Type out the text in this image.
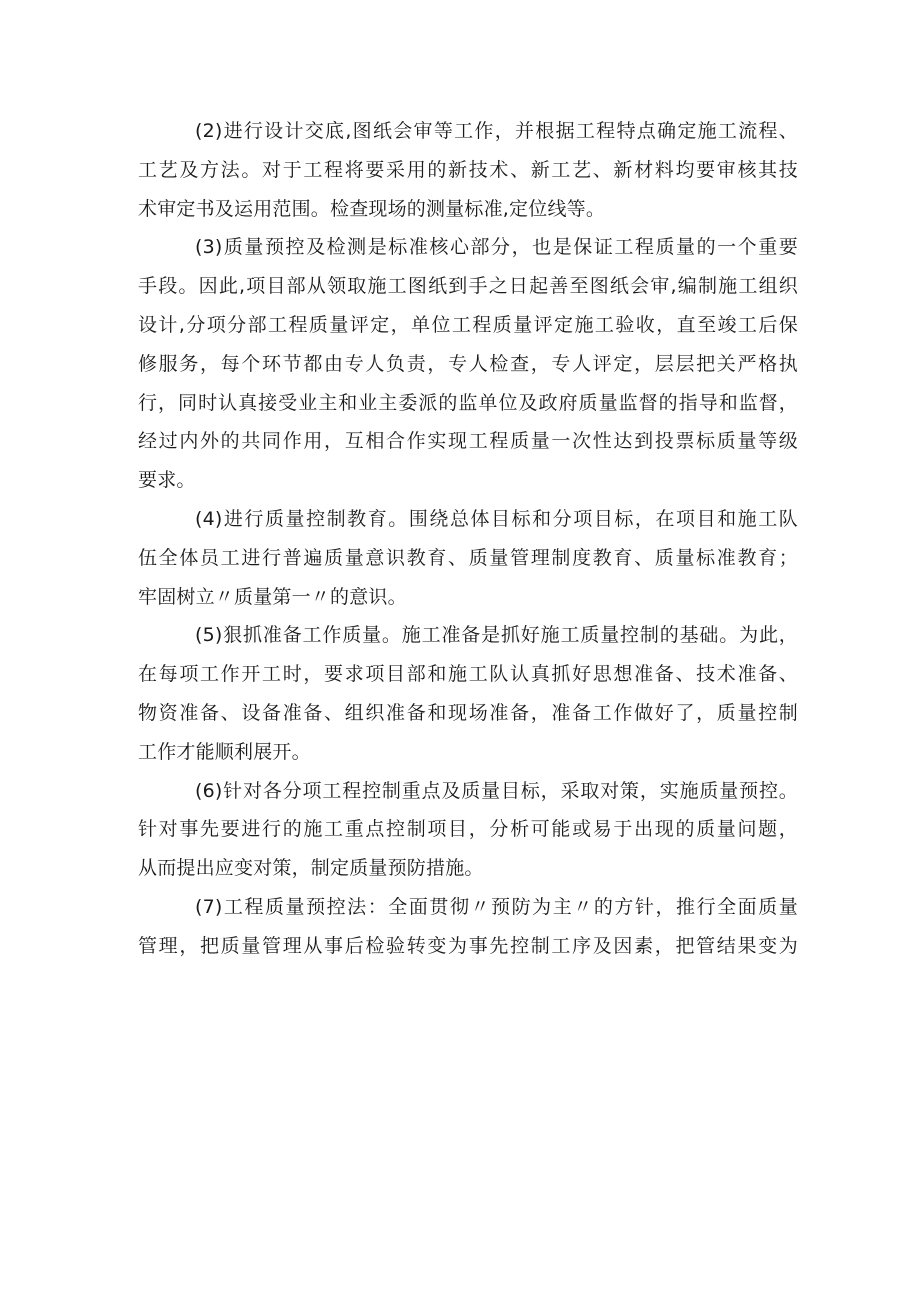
(2)进行设计交底,图纸会审等工作，并根据工程特点确定施工流程、
工艺及方法。对于工程将要采用的新技术、新工艺、新材料均要审核其技
术审定书及运用范围。检查现场的测量标准,定位线等。
(3)质量预控及检测是标准核心部分，也是保证工程质量的一个重要
手段。因此,项目部从领取施工图纸到手之日起善至图纸会审,编制施工组织
设计,分项分部工程质量评定，单位工程质量评定施工验收，直至竣工后保
修服务，每个环节都由专人负责，专人检查，专人评定，层层把关严格执
行，同时认真接受业主和业主委派的监单位及政府质量监督的指导和监督，
经过内外的共同作用，互相合作实现工程质量一次性达到投票标质量等级
要求。
(4)进行质量控制教育。围绕总体目标和分项目标，在项目和施工队
伍全体员工进行普遍质量意识教育、质量管理制度教育、质量标准教育；
牢固树立〃质量第一〃的意识。
(5)狠抓准备工作质量。施工准备是抓好施工质量控制的基础。为此，
在每项工作开工时，要求项目部和施工队认真抓好思想准备、技术准备、
物资准备、设备准备、组织准备和现场准备，准备工作做好了，质量控制
工作才能顺利展开。
(6)针对各分项工程控制重点及质量目标，采取对策，实施质量预控。
针对事先要进行的施工重点控制项目，分析可能或易于出现的质量问题，
从而提出应变对策，制定质量预防措施。
(7)工程质量预控法：全面贯彻〃预防为主〃的方针，推行全面质量
管理，把质量管理从事后检验转变为事先控制工序及因素，把管结果变为
